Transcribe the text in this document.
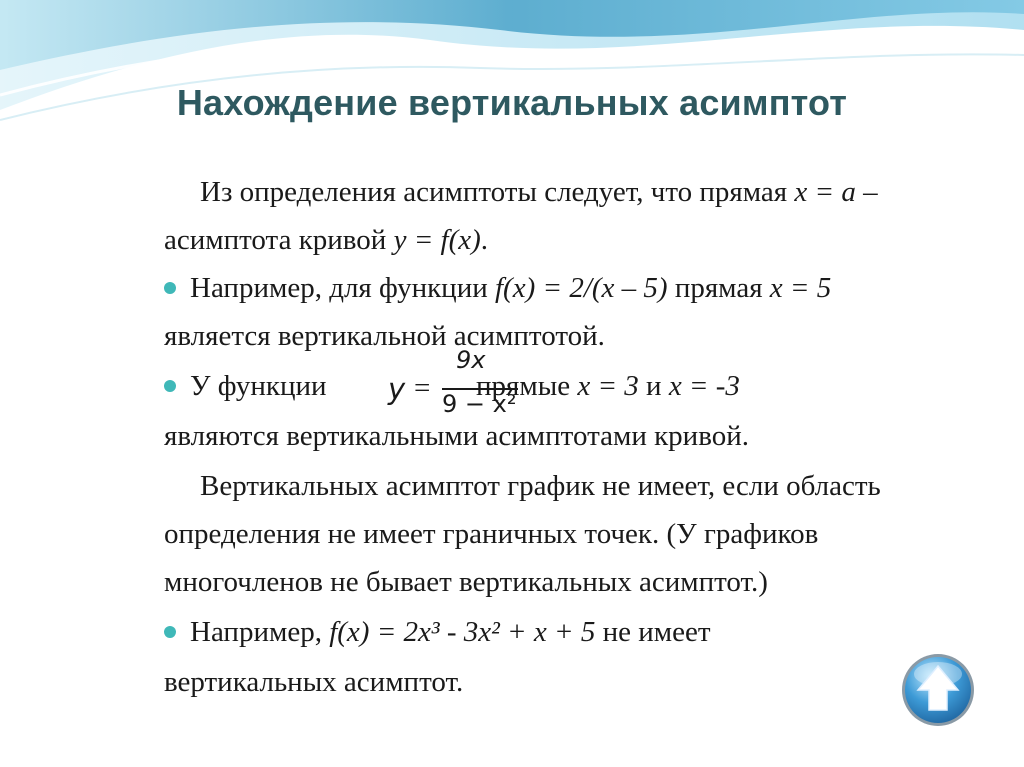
Нахождение вертикальных асимптот
Из определения асимптоты следует, что прямая x = a –
асимптота кривой y = f(x).
Например, для функции f(x) = 2/(x – 5) прямая x = 5
является вертикальной асимптотой.
У функции y =
9x
9 − x²
прямые x = 3 и x = -3
являются вертикальными асимптотами кривой.
Вертикальных асимптот график не имеет, если область
определения не имеет граничных точек. (У графиков
многочленов не бывает вертикальных асимптот.)
Например, f(x) = 2x³ - 3x² + x + 5 не имеет
вертикальных асимптот.
